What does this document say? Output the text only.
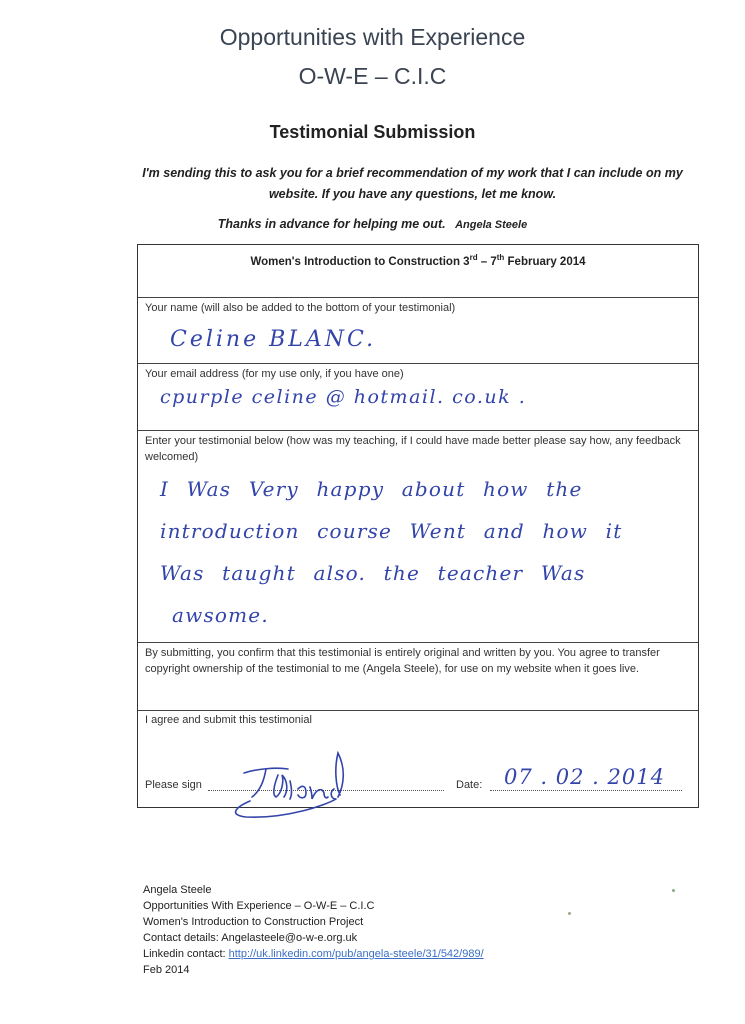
Opportunities with Experience
O-W-E – C.I.C
Testimonial Submission
I'm sending this to ask you for a brief recommendation of my work that I can include on my website. If you have any questions, let me know.
Thanks in advance for helping me out. Angela Steele
Women's Introduction to Construction 3rd – 7th February 2014
Your name (will also be added to the bottom of your testimonial)
Celine BLANC.
Your email address (for my use only, if you have one)
cpurple celine @ hotmail. co.uk .
Enter your testimonial below (how was my teaching, if I could have made better please say how, any feedback welcomed)
I Was Very happy about how the
introduction course Went and how it
Was taught also. the teacher Was
awsome.
By submitting, you confirm that this testimonial is entirely original and written by you. You agree to transfer copyright ownership of the testimonial to me (Angela Steele), for use on my website when it goes live.
I agree and submit this testimonial
Please sign	Date: 07 . 02 . 2014
Angela Steele
Opportunities With Experience – O-W-E – C.I.C
Women's Introduction to Construction Project
Contact details: Angelasteele@o-w-e.org.uk
Linkedin contact: http://uk.linkedin.com/pub/angela-steele/31/542/989/
Feb 2014
